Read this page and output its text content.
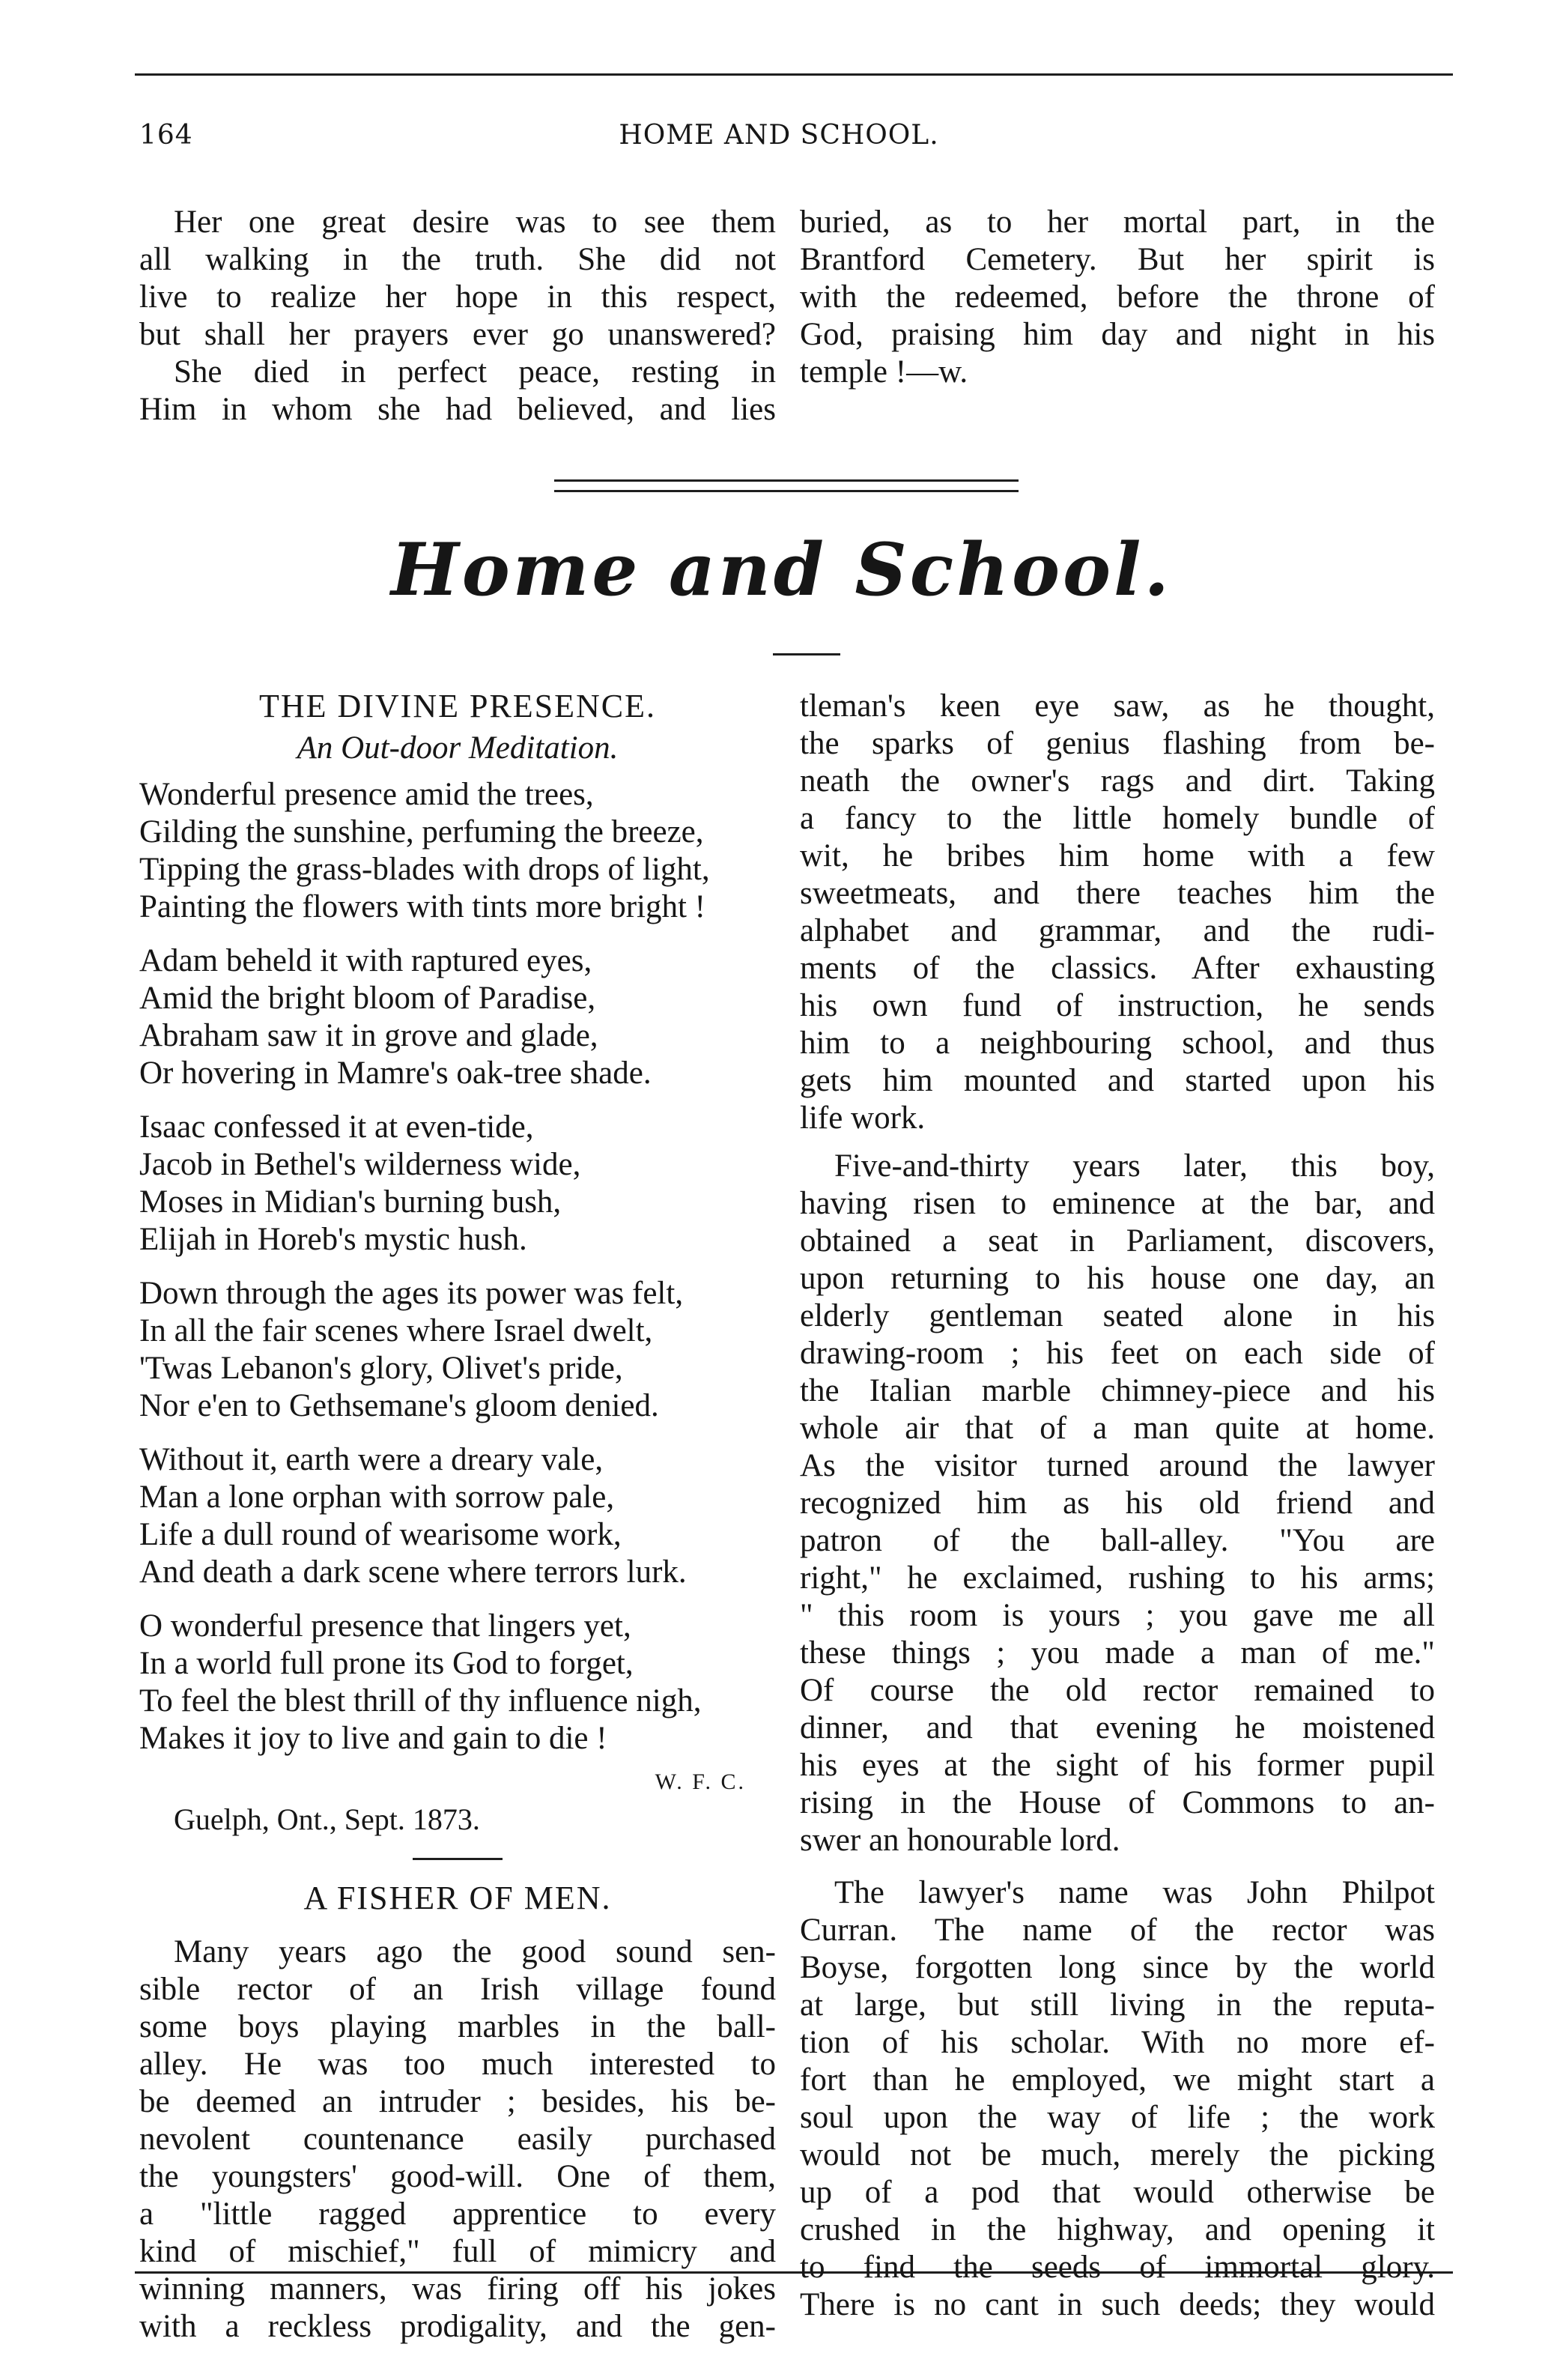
164	HOME AND SCHOOL.
Her one great desire was to see them
all walking in the truth. She did not
live to realize her hope in this respect,
but shall her prayers ever go unanswered?
She died in perfect peace, resting in
Him in whom she had believed, and lies
buried, as to her mortal part, in the
Brantford Cemetery. But her spirit is
with the redeemed, before the throne of
God, praising him day and night in his
temple !—w.
Home and School.
THE DIVINE PRESENCE.
An Out-door Meditation.
Wonderful presence amid the trees,
Gilding the sunshine, perfuming the breeze,
Tipping the grass-blades with drops of light,
Painting the flowers with tints more bright !
Adam beheld it with raptured eyes,
Amid the bright bloom of Paradise,
Abraham saw it in grove and glade,
Or hovering in Mamre's oak-tree shade.
Isaac confessed it at even-tide,
Jacob in Bethel's wilderness wide,
Moses in Midian's burning bush,
Elijah in Horeb's mystic hush.
Down through the ages its power was felt,
In all the fair scenes where Israel dwelt,
'Twas Lebanon's glory, Olivet's pride,
Nor e'en to Gethsemane's gloom denied.
Without it, earth were a dreary vale,
Man a lone orphan with sorrow pale,
Life a dull round of wearisome work,
And death a dark scene where terrors lurk.
O wonderful presence that lingers yet,
In a world full prone its God to forget,
To feel the blest thrill of thy influence nigh,
Makes it joy to live and gain to die !
W. F. C.
Guelph, Ont., Sept. 1873.
A FISHER OF MEN.
Many years ago the good sound sen-
sible rector of an Irish village found
some boys playing marbles in the ball-
alley. He was too much interested to
be deemed an intruder ; besides, his be-
nevolent countenance easily purchased
the youngsters' good-will. One of them,
a "little ragged apprentice to every
kind of mischief," full of mimicry and
winning manners, was firing off his jokes
with a reckless prodigality, and the gen-
tleman's keen eye saw, as he thought,
the sparks of genius flashing from be-
neath the owner's rags and dirt. Taking
a fancy to the little homely bundle of
wit, he bribes him home with a few
sweetmeats, and there teaches him the
alphabet and grammar, and the rudi-
ments of the classics. After exhausting
his own fund of instruction, he sends
him to a neighbouring school, and thus
gets him mounted and started upon his
life work.
Five-and-thirty years later, this boy,
having risen to eminence at the bar, and
obtained a seat in Parliament, discovers,
upon returning to his house one day, an
elderly gentleman seated alone in his
drawing-room ; his feet on each side of
the Italian marble chimney-piece and his
whole air that of a man quite at home.
As the visitor turned around the lawyer
recognized him as his old friend and
patron of the ball-alley. "You are
right," he exclaimed, rushing to his arms;
" this room is yours ; you gave me all
these things ; you made a man of me."
Of course the old rector remained to
dinner, and that evening he moistened
his eyes at the sight of his former pupil
rising in the House of Commons to an-
swer an honourable lord.
The lawyer's name was John Philpot
Curran. The name of the rector was
Boyse, forgotten long since by the world
at large, but still living in the reputa-
tion of his scholar. With no more ef-
fort than he employed, we might start a
soul upon the way of life ; the work
would not be much, merely the picking
up of a pod that would otherwise be
crushed in the highway, and opening it
to find the seeds of immortal glory.
There is no cant in such deeds; they would
